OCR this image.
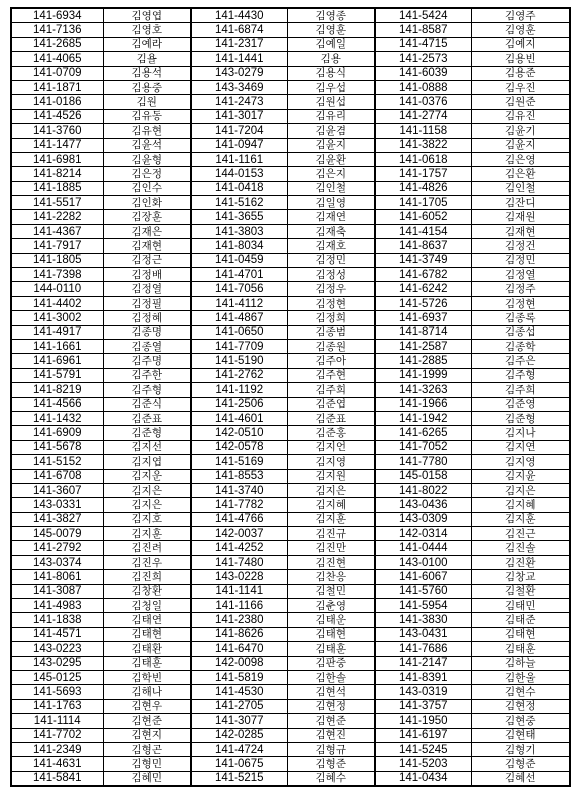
141-6934	김영엽	141-4430	김영종	141-5424	김영주
141-7136	김영호	141-6874	김영훈	141-8587	김영훈
141-2685	김예라	141-2317	김예일	141-4715	김예지
141-4065	김욜	141-1441	김용	141-2573	김용빈
141-0709	김용석	143-0279	김용식	141-6039	김용준
141-1871	김용중	143-3469	김우섭	141-0888	김우진
141-0186	김원	141-2473	김원섭	141-0376	김원준
141-4526	김유동	141-3017	김유리	141-2774	김유진
141-3760	김유현	141-7204	김윤겸	141-1158	김윤기
141-1477	김윤석	141-0947	김윤지	141-3822	김윤지
141-6981	김윤형	141-1161	김윤환	141-0618	김은영
141-8214	김은정	144-0153	김은지	141-1757	김은환
141-1885	김인수	141-0418	김인철	141-4826	김인철
141-5517	김인화	141-5162	김일영	141-1705	김잔디
141-2282	김장훈	141-3655	김재연	141-6052	김재원
141-4367	김재은	141-3803	김재축	141-4154	김재현
141-7917	김재현	141-8034	김재호	141-8637	김정건
141-1805	김정근	141-0459	김정민	141-3749	김정민
141-7398	김정배	141-4701	김정성	141-6782	김정열
144-0110	김정열	141-7056	김정우	141-6242	김정주
141-4402	김정필	141-4112	김정현	141-5726	김정현
141-3002	김정혜	141-4867	김정희	141-6937	김종록
141-4917	김종명	141-0650	김종범	141-8714	김종섭
141-1661	김종열	141-7709	김종원	141-2587	김종학
141-6961	김주명	141-5190	김주아	141-2885	김주은
141-5791	김주한	141-2762	김주현	141-1999	김주형
141-8219	김주형	141-1192	김주희	141-3263	김주희
141-4566	김준식	141-2506	김준엽	141-1966	김준영
141-1432	김준표	141-4601	김준표	141-1942	김준형
141-6909	김준형	142-0510	김준홍	141-6265	김지나
141-5678	김지선	142-0578	김지언	141-7052	김지연
141-5152	김지엽	141-5169	김지영	141-7780	김지영
141-6708	김지운	141-8553	김지원	145-0158	김지윤
141-3607	김지은	141-3740	김지은	141-8022	김지은
143-0331	김지은	141-7782	김지혜	143-0436	김지혜
141-3827	김지호	141-4766	김지훈	143-0309	김지훈
145-0079	김지훈	142-0037	김진규	142-0314	김진근
141-2792	김진려	141-4252	김진만	141-0444	김진솔
143-0374	김진우	141-7480	김진현	143-0100	김진환
141-8061	김진희	143-0228	김찬응	141-6067	김창교
141-3087	김창환	141-1141	김철민	141-5760	김철환
141-4983	김청일	141-1166	김춘영	141-5954	김태민
141-1838	김태연	141-2380	김태운	141-3830	김태준
141-4571	김태현	141-8626	김태현	143-0431	김태현
143-0223	김태환	141-6470	김태훈	141-7686	김태훈
143-0295	김태훈	142-0098	김판중	141-2147	김하늘
145-0125	김학빈	141-5819	김한솔	141-8391	김한울
141-5693	김해나	141-4530	김현석	143-0319	김현수
141-1763	김현우	141-2705	김현정	141-3757	김현정
141-1114	김현준	141-3077	김현준	141-1950	김현중
141-7702	김현지	142-0285	김현진	141-6197	김현태
141-2349	김형곤	141-4724	김형규	141-5245	김형기
141-4631	김형민	141-0675	김형준	141-5203	김형준
141-5841	김혜민	141-5215	김혜수	141-0434	김혜선
